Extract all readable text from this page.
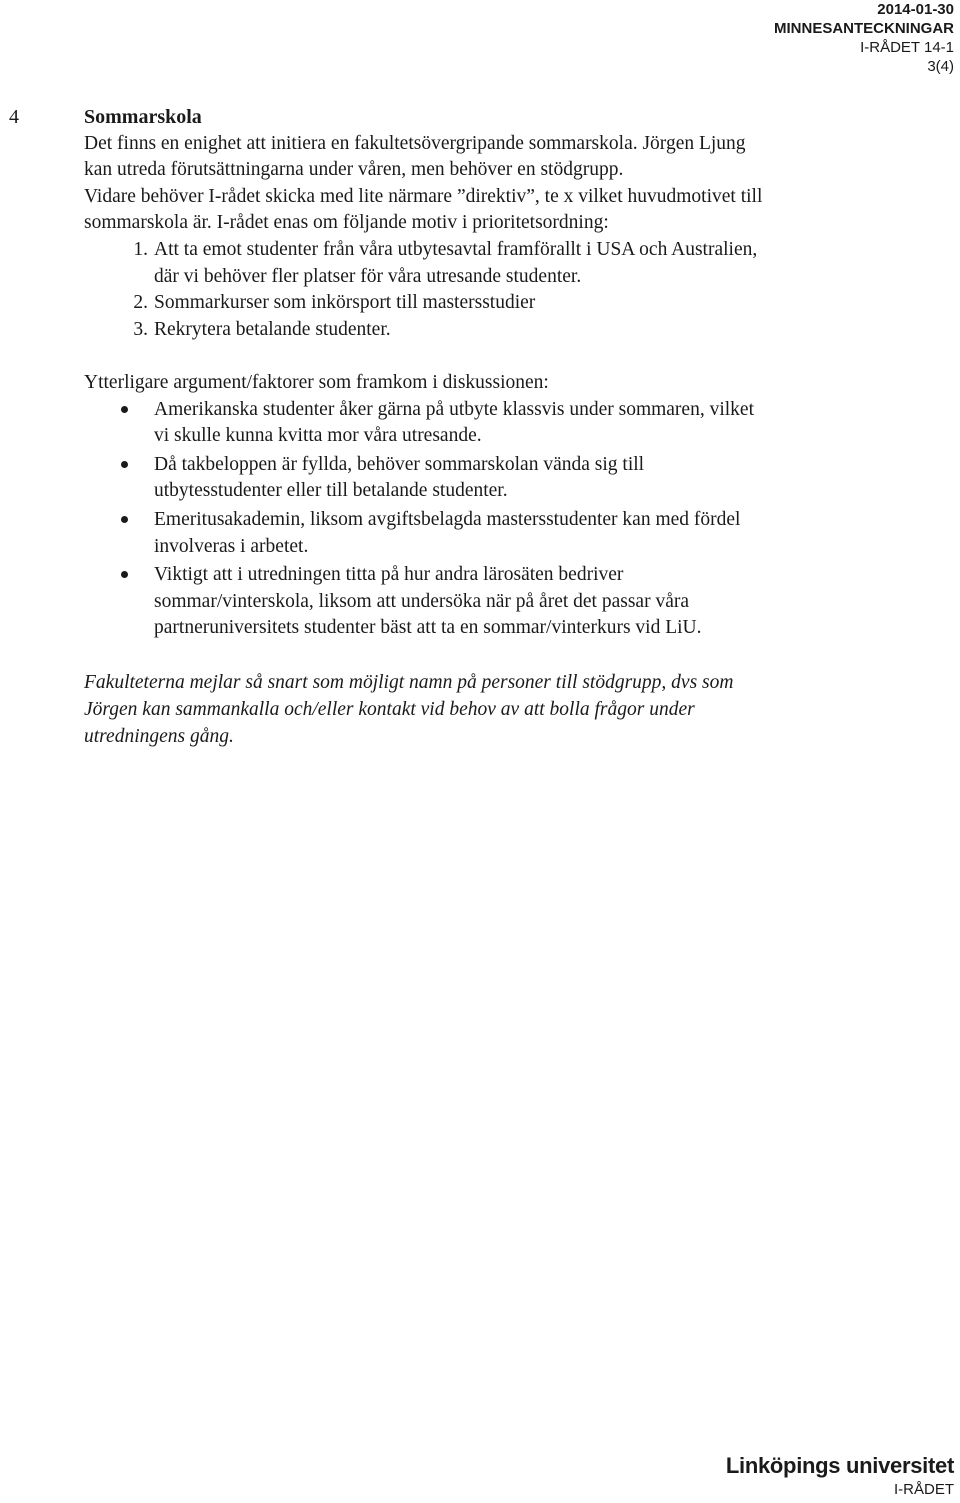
2014-01-30
MINNESANTECKNINGAR
I-RÅDET 14-1
3(4)
4	Sommarskola

Det finns en enighet att initiera en fakultetsövergripande sommarskola. Jörgen Ljung kan utreda förutsättningarna under våren, men behöver en stödgrupp.

Vidare behöver I-rådet skicka med lite närmare ”direktiv”, te x vilket huvudmotivet till sommarskola är. I-rådet enas om följande motiv i prioritetsordning:

1. Att ta emot studenter från våra utbytesavtal framförallt i USA och Australien, där vi behöver fler platser för våra utresande studenter.
2. Sommarkurser som inkörsport till mastersstudier
3. Rekrytera betalande studenter.

Ytterligare argument/faktorer som framkom i diskussionen:

Amerikanska studenter åker gärna på utbyte klassvis under sommaren, vilket vi skulle kunna kvitta mor våra utresande.
Då takbeloppen är fyllda, behöver sommarskolan vända sig till utbytesstudenter eller till betalande studenter.
Emeritusakademin, liksom avgiftsbelagda mastersstudenter kan med fördel involveras i arbetet.
Viktigt att i utredningen titta på hur andra lärosäten bedriver sommar/vinterskola, liksom att undersöka när på året det passar våra partneruniversitets studenter bäst att ta en sommar/vinterkurs vid LiU.

Fakulteterna mejlar så snart som möjligt namn på personer till stödgrupp, dvs som Jörgen kan sammankalla och/eller kontakt vid behov av att bolla frågor under utredningens gång.

Linköpings universitet
I-RÅDET
